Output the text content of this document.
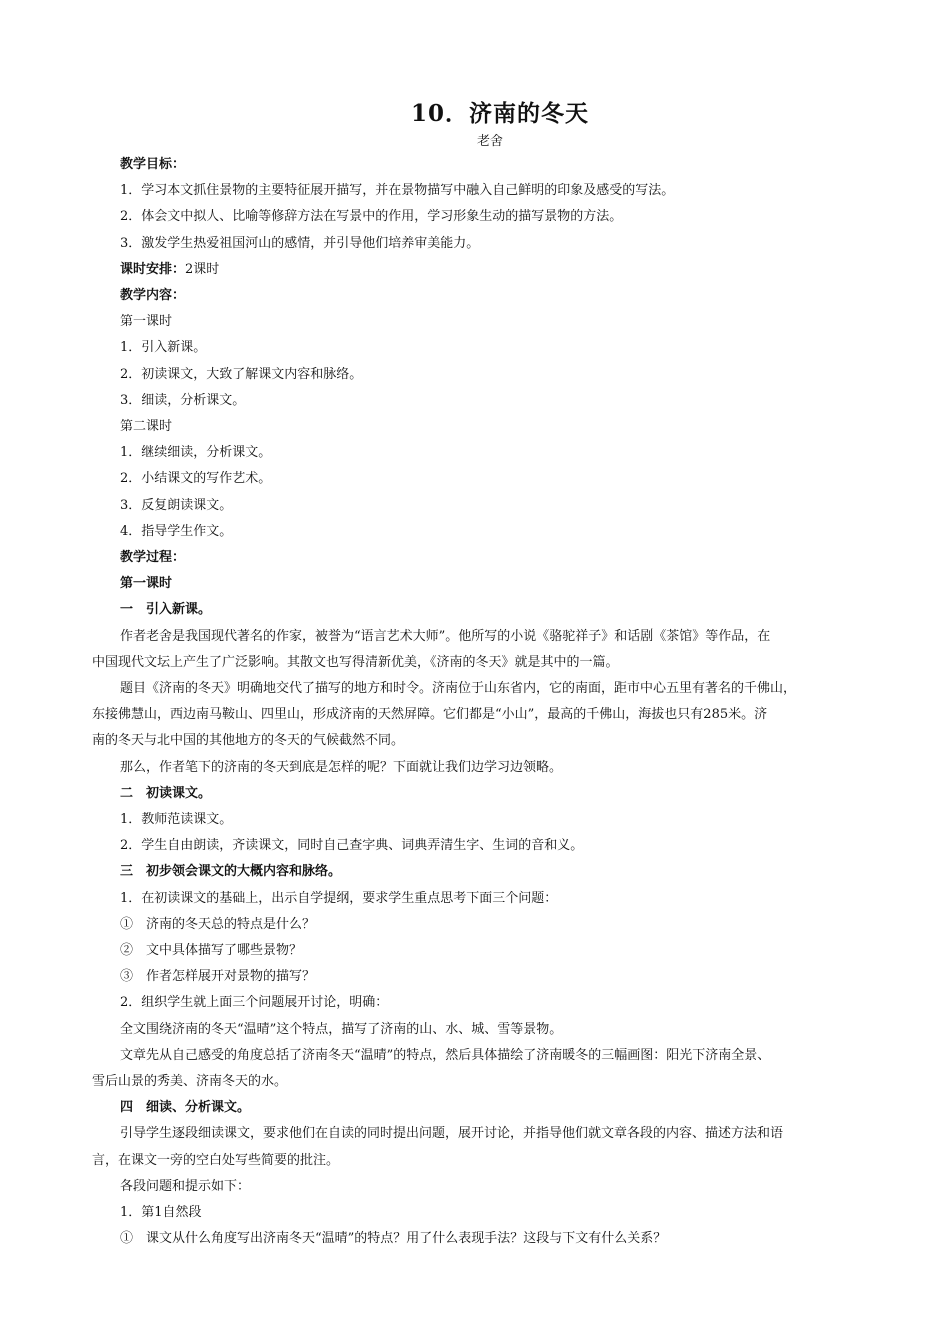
10．济南的冬天
老舍
教学目标：
1．学习本文抓住景物的主要特征展开描写，并在景物描写中融入自己鲜明的印象及感受的写法。
2．体会文中拟人、比喻等修辞方法在写景中的作用，学习形象生动的描写景物的方法。
3．激发学生热爱祖国河山的感情，并引导他们培养审美能力。
课时安排：2课时
教学内容：
第一课时
1．引入新课。
2．初读课文，大致了解课文内容和脉络。
3．细读，分析课文。
第二课时
1．继续细读，分析课文。
2．小结课文的写作艺术。
3．反复朗读课文。
4．指导学生作文。
教学过程：
第一课时
一　引入新课。
作者老舍是我国现代著名的作家，被誉为“语言艺术大师”。他所写的小说《骆驼祥子》和话剧《茶馆》等作品，在
中国现代文坛上产生了广泛影响。其散文也写得清新优美，《济南的冬天》就是其中的一篇。
题目《济南的冬天》明确地交代了描写的地方和时令。济南位于山东省内，它的南面，距市中心五里有著名的千佛山，
东接佛慧山，西边南马鞍山、四里山，形成济南的天然屏障。它们都是“小山”，最高的千佛山，海拔也只有285米。济
南的冬天与北中国的其他地方的冬天的气候截然不同。
那么，作者笔下的济南的冬天到底是怎样的呢？下面就让我们边学习边领略。
二　初读课文。
1．教师范读课文。
2．学生自由朗读，齐读课文，同时自己查字典、词典弄清生字、生词的音和义。
三　初步领会课文的大概内容和脉络。
1．在初读课文的基础上，出示自学提纲，要求学生重点思考下面三个问题：
①　济南的冬天总的特点是什么？
②　文中具体描写了哪些景物？
③　作者怎样展开对景物的描写？
2．组织学生就上面三个问题展开讨论，明确：
全文围绕济南的冬天“温晴”这个特点，描写了济南的山、水、城、雪等景物。
文章先从自己感受的角度总括了济南冬天“温晴”的特点，然后具体描绘了济南暖冬的三幅画图：阳光下济南全景、
雪后山景的秀美、济南冬天的水。
四　细读、分析课文。
引导学生逐段细读课文，要求他们在自读的同时提出问题，展开讨论，并指导他们就文章各段的内容、描述方法和语
言，在课文一旁的空白处写些简要的批注。
各段问题和提示如下：
1．第1自然段
①　课文从什么角度写出济南冬天“温晴”的特点？用了什么表现手法？这段与下文有什么关系？
